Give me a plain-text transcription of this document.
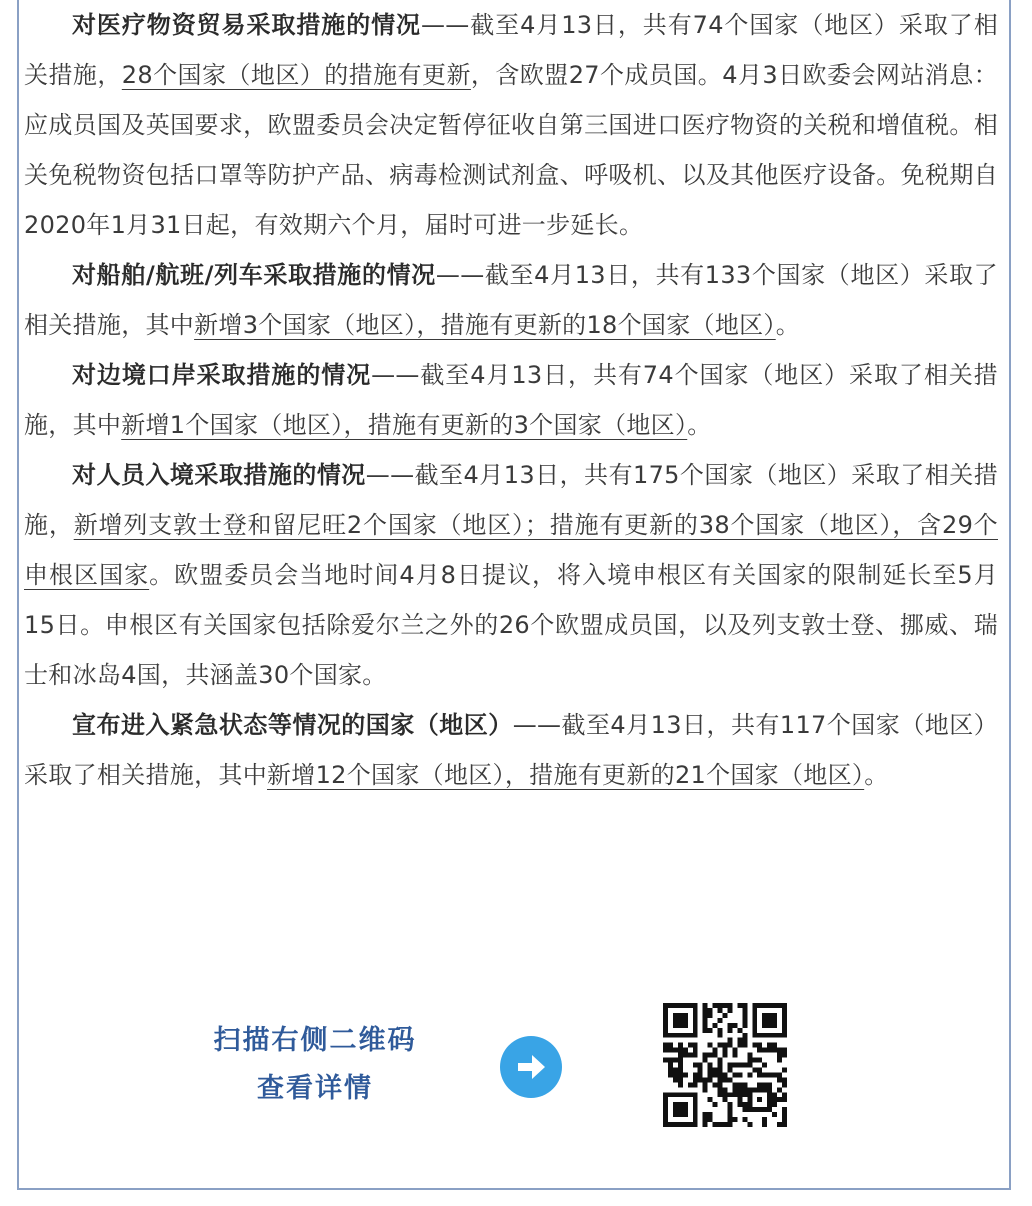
对医疗物资贸易采取措施的情况——截至4月13日，共有74个国家（地区）采取了相关措施，28个国家（地区）的措施有更新，含欧盟27个成员国。4月3日欧委会网站消息：应成员国及英国要求，欧盟委员会决定暂停征收自第三国进口医疗物资的关税和增值税。相关免税物资包括口罩等防护产品、病毒检测试剂盒、呼吸机、以及其他医疗设备。免税期自2020年1月31日起，有效期六个月，届时可进一步延长。

对船舶/航班/列车采取措施的情况——截至4月13日，共有133个国家（地区）采取了相关措施，其中新增3个国家（地区），措施有更新的18个国家（地区）。

对边境口岸采取措施的情况——截至4月13日，共有74个国家（地区）采取了相关措施，其中新增1个国家（地区），措施有更新的3个国家（地区）。

对人员入境采取措施的情况——截至4月13日，共有175个国家（地区）采取了相关措施，新增列支敦士登和留尼旺2个国家（地区）；措施有更新的38个国家（地区），含29个申根区国家。欧盟委员会当地时间4月8日提议，将入境申根区有关国家的限制延长至5月15日。申根区有关国家包括除爱尔兰之外的26个欧盟成员国，以及列支敦士登、挪威、瑞士和冰岛4国，共涵盖30个国家。

宣布进入紧急状态等情况的国家（地区）——截至4月13日，共有117个国家（地区）采取了相关措施，其中新增12个国家（地区），措施有更新的21个国家（地区）。

扫描右侧二维码
查看详情
